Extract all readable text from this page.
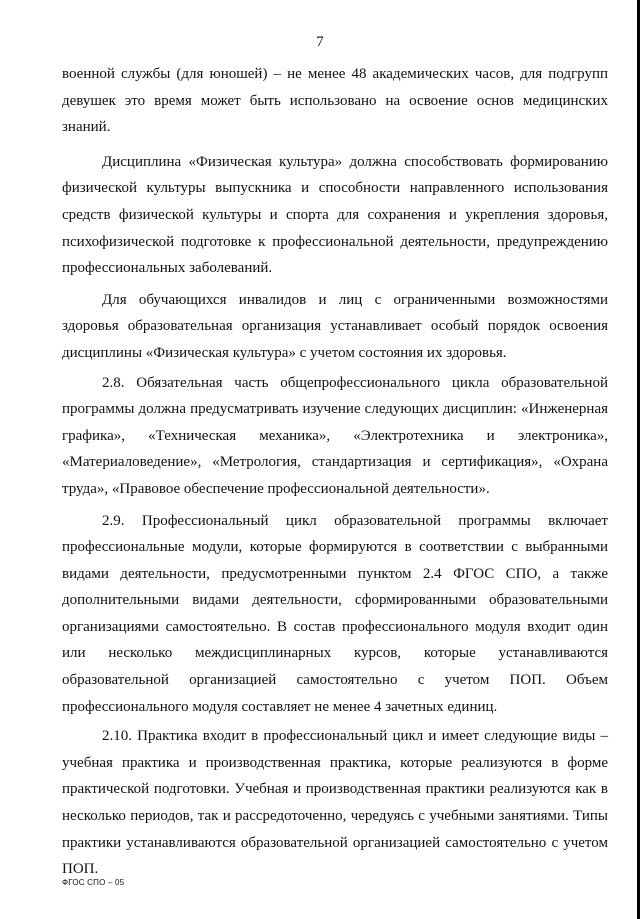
7

военной службы (для юношей) – не менее 48 академических часов, для подгрупп девушек это время может быть использовано на освоение основ медицинских знаний.

Дисциплина «Физическая культура» должна способствовать формированию физической культуры выпускника и способности направленного использования средств физической культуры и спорта для сохранения и укрепления здоровья, психофизической подготовке к профессиональной деятельности, предупреждению профессиональных заболеваний.

Для обучающихся инвалидов и лиц с ограниченными возможностями здоровья образовательная организация устанавливает особый порядок освоения дисциплины «Физическая культура» с учетом состояния их здоровья.

2.8. Обязательная часть общепрофессионального цикла образовательной программы должна предусматривать изучение следующих дисциплин: «Инженерная графика», «Техническая механика», «Электротехника и электроника», «Материаловедение», «Метрология, стандартизация и сертификация», «Охрана труда», «Правовое обеспечение профессиональной деятельности».

2.9. Профессиональный цикл образовательной программы включает профессиональные модули, которые формируются в соответствии с выбранными видами деятельности, предусмотренными пунктом 2.4 ФГОС СПО, а также дополнительными видами деятельности, сформированными образовательными организациями самостоятельно. В состав профессионального модуля входит один или несколько междисциплинарных курсов, которые устанавливаются образовательной организацией самостоятельно с учетом ПОП. Объем профессионального модуля составляет не менее 4 зачетных единиц.

2.10. Практика входит в профессиональный цикл и имеет следующие виды – учебная практика и производственная практика, которые реализуются в форме практической подготовки. Учебная и производственная практики реализуются как в несколько периодов, так и рассредоточенно, чередуясь с учебными занятиями. Типы практики устанавливаются образовательной организацией самостоятельно с учетом ПОП.

ФГОС СПО – 05
